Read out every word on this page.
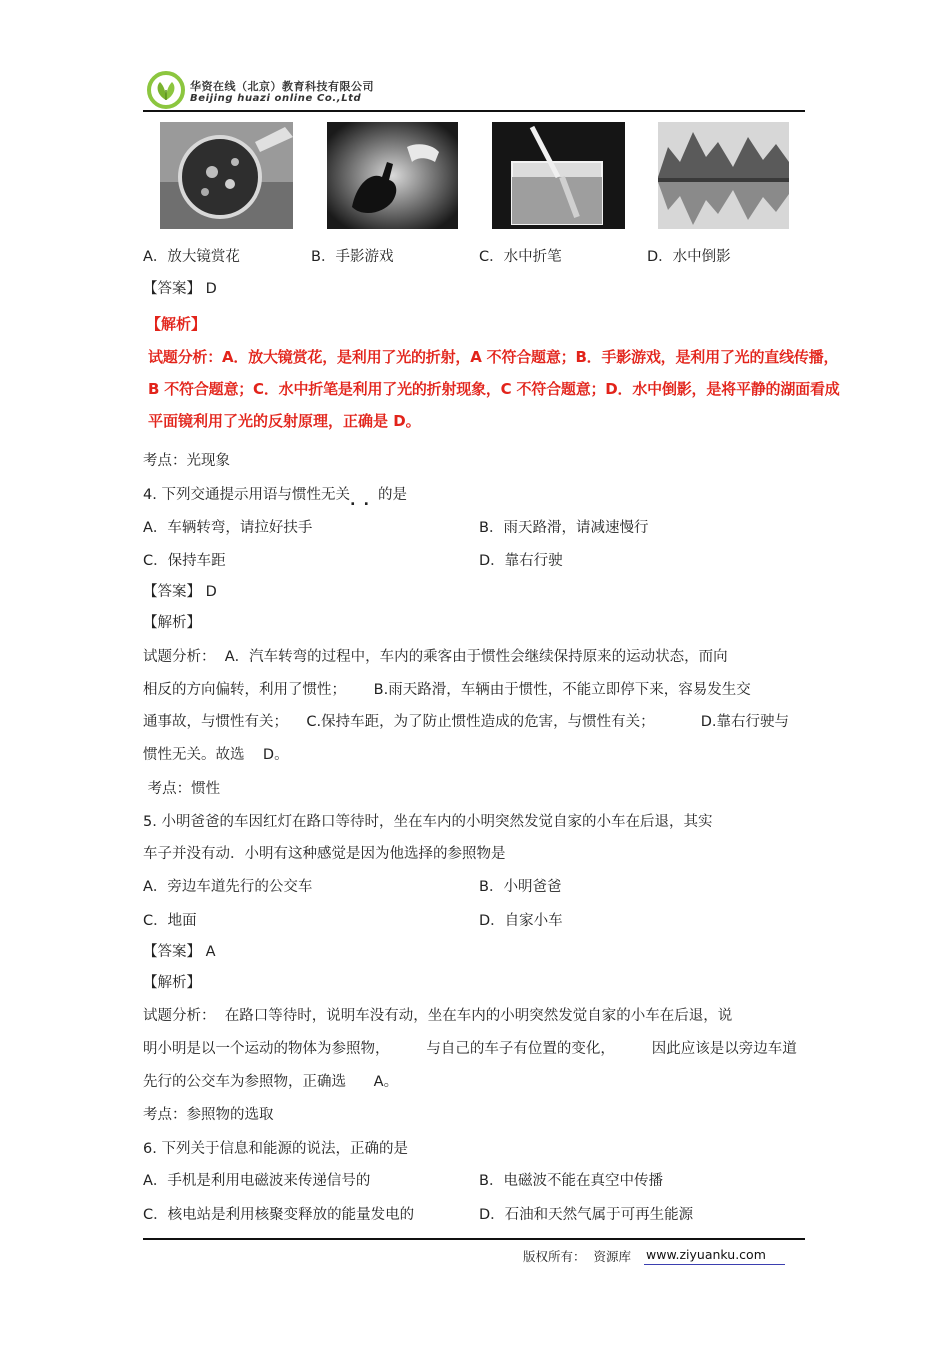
华资在线（北京）教育科技有限公司
Beijing huazi online Co.,Ltd
A．放大镜赏花	B．手影游戏	C．水中折笔	D．水中倒影
【答案】 D
【解析】
试题分析：A．放大镜赏花，是利用了光的折射，A 不符合题意；B．手影游戏，是利用了光的直线传播，
B 不符合题意；C．水中折笔是利用了光的折射现象，C 不符合题意；D．水中倒影，是将平静的湖面看成
平面镜利用了光的反射原理，正确是 D。
考点：光现象
4. 下列交通提示用语与惯性无关..的是
A．车辆转弯，请拉好扶手	B．雨天路滑，请减速慢行
C．保持车距	D．靠右行驶
【答案】 D
【解析】
试题分析：  A．汽车转弯的过程中，车内的乘客由于惯性会继续保持原来的运动状态，而向
相反的方向偏转，利用了惯性；      B.雨天路滑，车辆由于惯性，不能立即停下来，容易发生交
通事故，与惯性有关；    C.保持车距，为了防止惯性造成的危害，与惯性有关；          D.靠右行驶与
惯性无关。故选    D。
考点：惯性
5. 小明爸爸的车因红灯在路口等待时，坐在车内的小明突然发觉自家的小车在后退，其实
车子并没有动．小明有这种感觉是因为他选择的参照物是
A．旁边车道先行的公交车	B．小明爸爸
C．地面	D．自家小车
【答案】 A
【解析】
试题分析：  在路口等待时，说明车没有动，坐在车内的小明突然发觉自家的小车在后退，说
明小明是以一个运动的物体为参照物，        与自己的车子有位置的变化，        因此应该是以旁边车道
先行的公交车为参照物，正确选      A。
考点：参照物的选取
6. 下列关于信息和能源的说法，正确的是
A．手机是利用电磁波来传递信号的	B．电磁波不能在真空中传播
C．核电站是利用核聚变释放的能量发电的	D．石油和天然气属于可再生能源
版权所有：  资源库 www.ziyuanku.com
